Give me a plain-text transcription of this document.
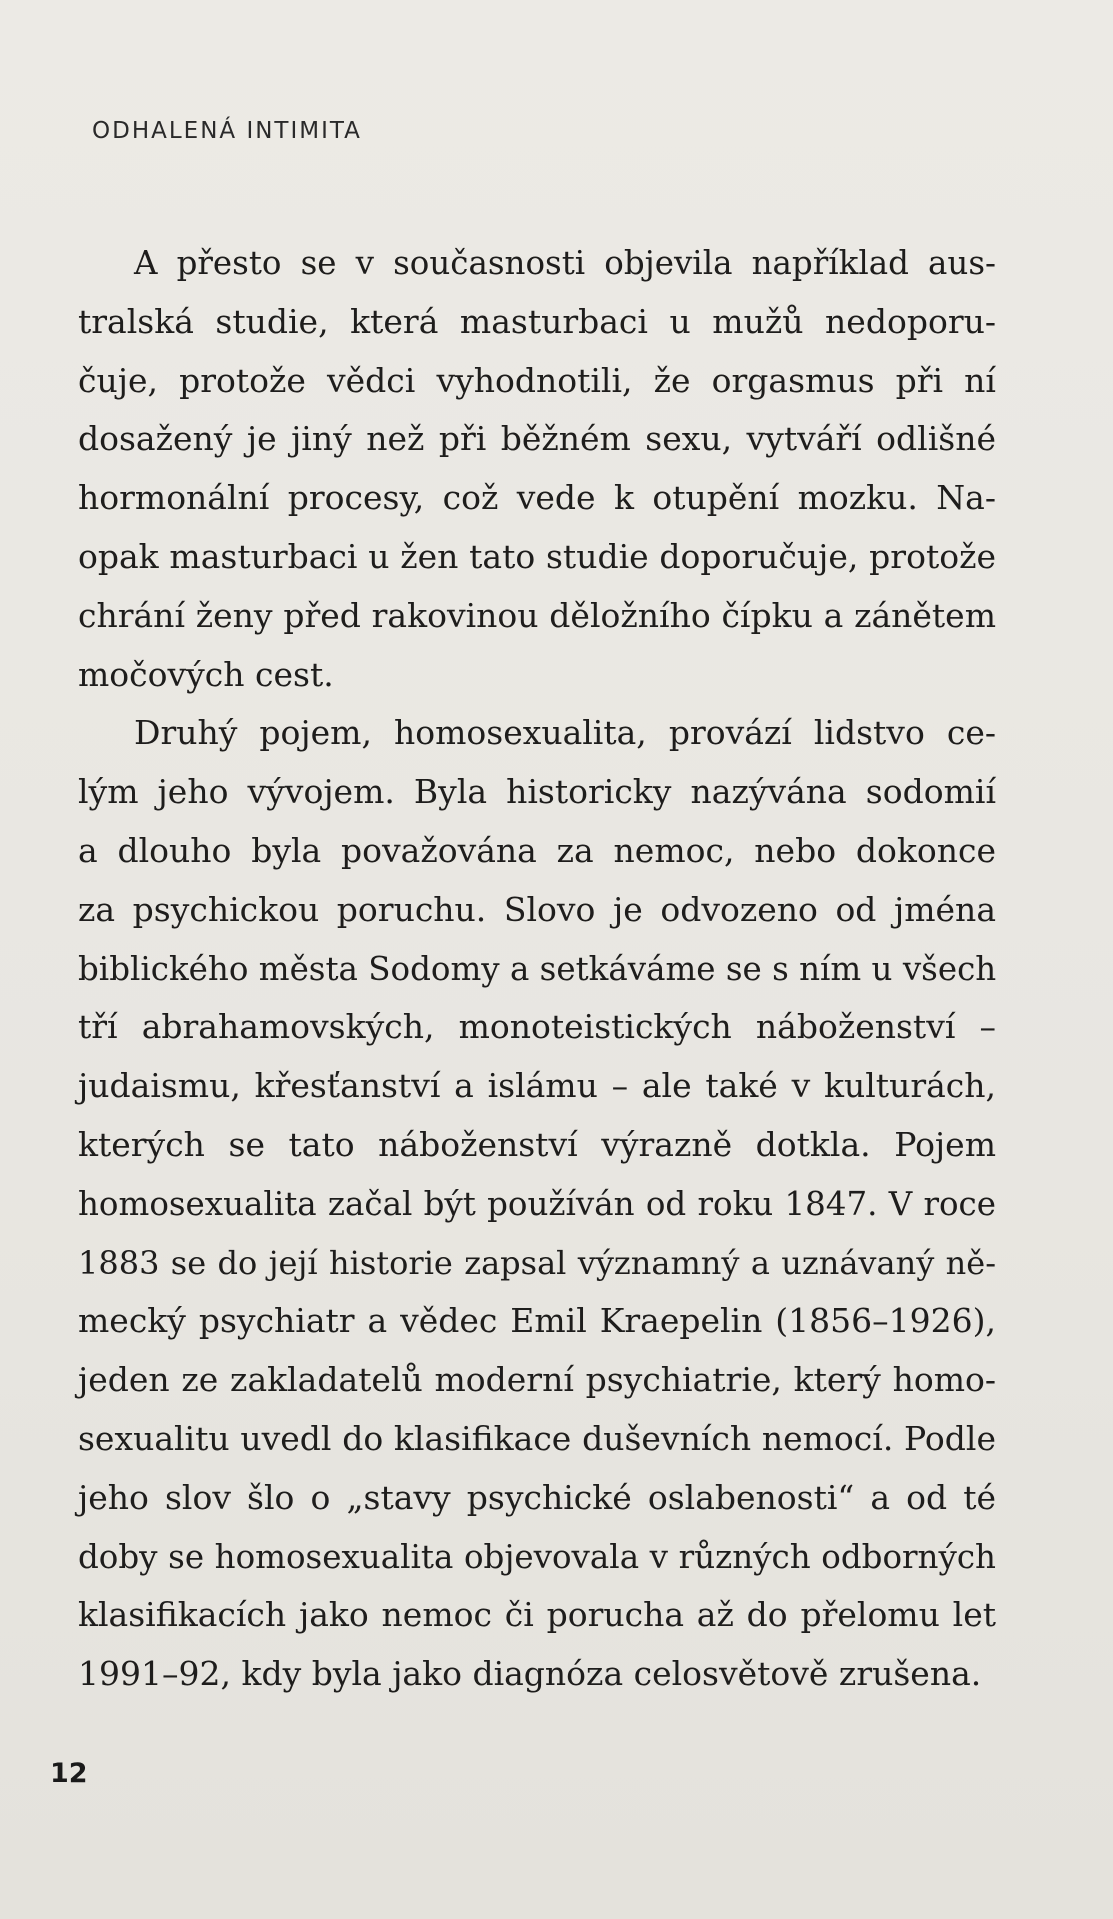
ODHALENÁ INTIMITA
A přesto se v současnosti objevila například aus-
tralská studie, která masturbaci u mužů nedoporu-
čuje, protože vědci vyhodnotili, že orgasmus při ní
dosažený je jiný než při běžném sexu, vytváří odlišné
hormonální procesy, což vede k otupění mozku. Na-
opak masturbaci u žen tato studie doporučuje, protože
chrání ženy před rakovinou děložního čípku a zánětem
močových cest.
Druhý pojem, homosexualita, provází lidstvo ce-
lým jeho vývojem. Byla historicky nazývána sodomií
a dlouho byla považována za nemoc, nebo dokonce
za psychickou poruchu. Slovo je odvozeno od jména
biblického města Sodomy a setkáváme se s ním u všech
tří abrahamovských, monoteistických náboženství –
judaismu, křesťanství a islámu – ale také v kulturách,
kterých se tato náboženství výrazně dotkla. Pojem
homosexualita začal být používán od roku 1847. V roce
1883 se do její historie zapsal významný a uznávaný ně-
mecký psychiatr a vědec Emil Kraepelin (1856–1926),
jeden ze zakladatelů moderní psychiatrie, který homo-
sexualitu uvedl do klasifikace duševních nemocí. Podle
jeho slov šlo o „stavy psychické oslabenosti“ a od té
doby se homosexualita objevovala v různých odborných
klasifikacích jako nemoc či porucha až do přelomu let
1991–92, kdy byla jako diagnóza celosvětově zrušena.
12
